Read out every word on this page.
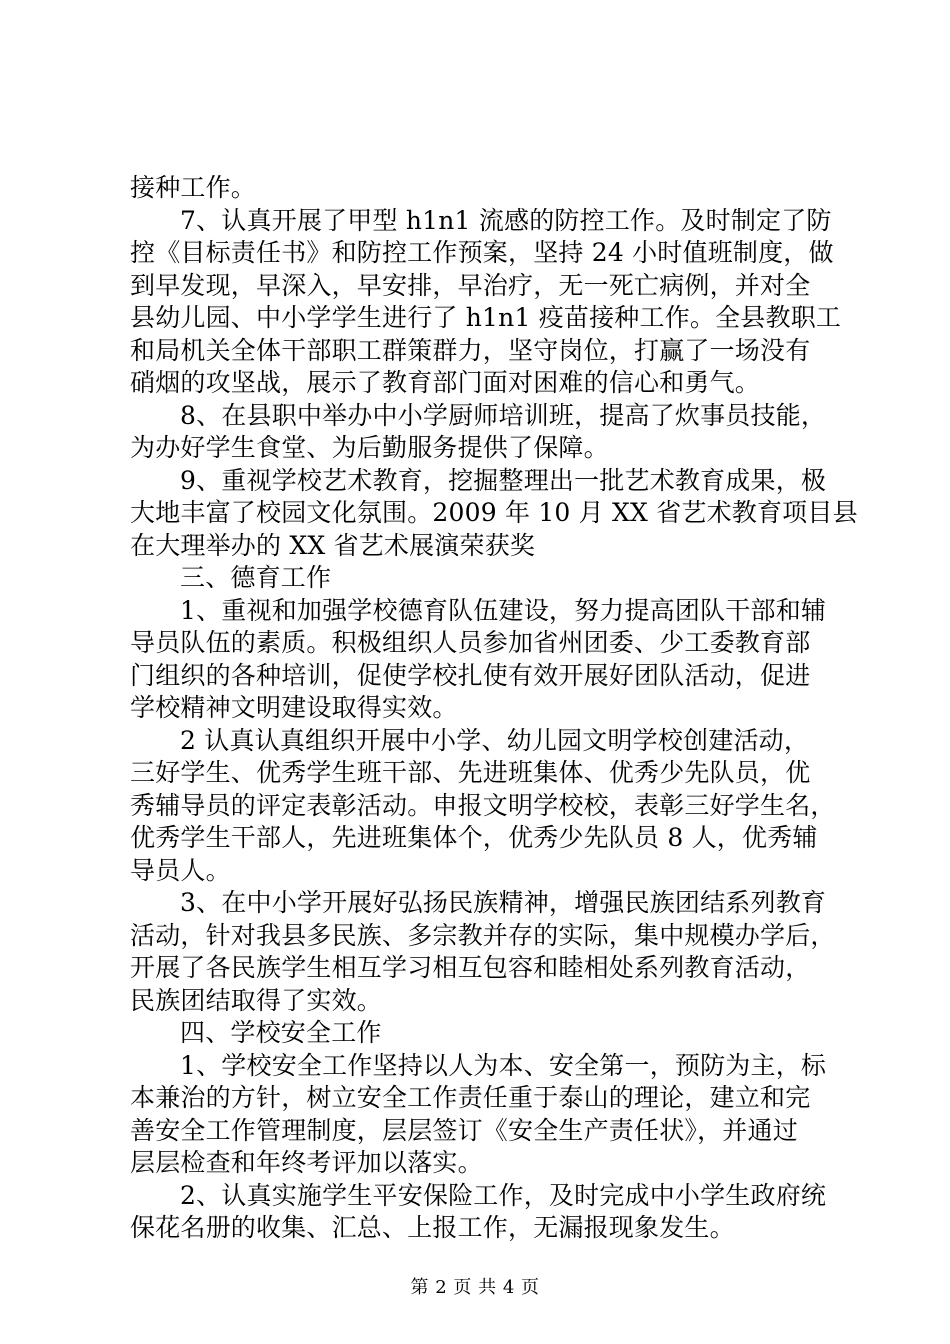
接种工作。
7、认真开展了甲型 h1n1 流感的防控工作。及时制定了防
控《目标责任书》和防控工作预案，坚持 24 小时值班制度，做
到早发现，早深入，早安排，早治疗，无一死亡病例，并对全
县幼儿园、中小学学生进行了 h1n1 疫苗接种工作。全县教职工
和局机关全体干部职工群策群力，坚守岗位，打赢了一场没有
硝烟的攻坚战，展示了教育部门面对困难的信心和勇气。
8、在县职中举办中小学厨师培训班，提高了炊事员技能，
为办好学生食堂、为后勤服务提供了保障。
9、重视学校艺术教育，挖掘整理出一批艺术教育成果，极
大地丰富了校园文化氛围。2009 年 10 月 XX 省艺术教育项目县
在大理举办的 XX 省艺术展演荣获奖
三、德育工作
1、重视和加强学校德育队伍建设，努力提高团队干部和辅
导员队伍的素质。积极组织人员参加省州团委、少工委教育部
门组织的各种培训，促使学校扎使有效开展好团队活动，促进
学校精神文明建设取得实效。
2 认真认真组织开展中小学、幼儿园文明学校创建活动，
三好学生、优秀学生班干部、先进班集体、优秀少先队员，优
秀辅导员的评定表彰活动。申报文明学校校，表彰三好学生名，
优秀学生干部人，先进班集体个，优秀少先队员 8 人，优秀辅
导员人。
3、在中小学开展好弘扬民族精神，增强民族团结系列教育
活动，针对我县多民族、多宗教并存的实际，集中规模办学后，
开展了各民族学生相互学习相互包容和睦相处系列教育活动，
民族团结取得了实效。
四、学校安全工作
1、学校安全工作坚持以人为本、安全第一，预防为主，标
本兼治的方针，树立安全工作责任重于泰山的理论，建立和完
善安全工作管理制度，层层签订《安全生产责任状》，并通过
层层检查和年终考评加以落实。
2、认真实施学生平安保险工作，及时完成中小学生政府统
保花名册的收集、汇总、上报工作，无漏报现象发生。
第 2 页 共 4 页
